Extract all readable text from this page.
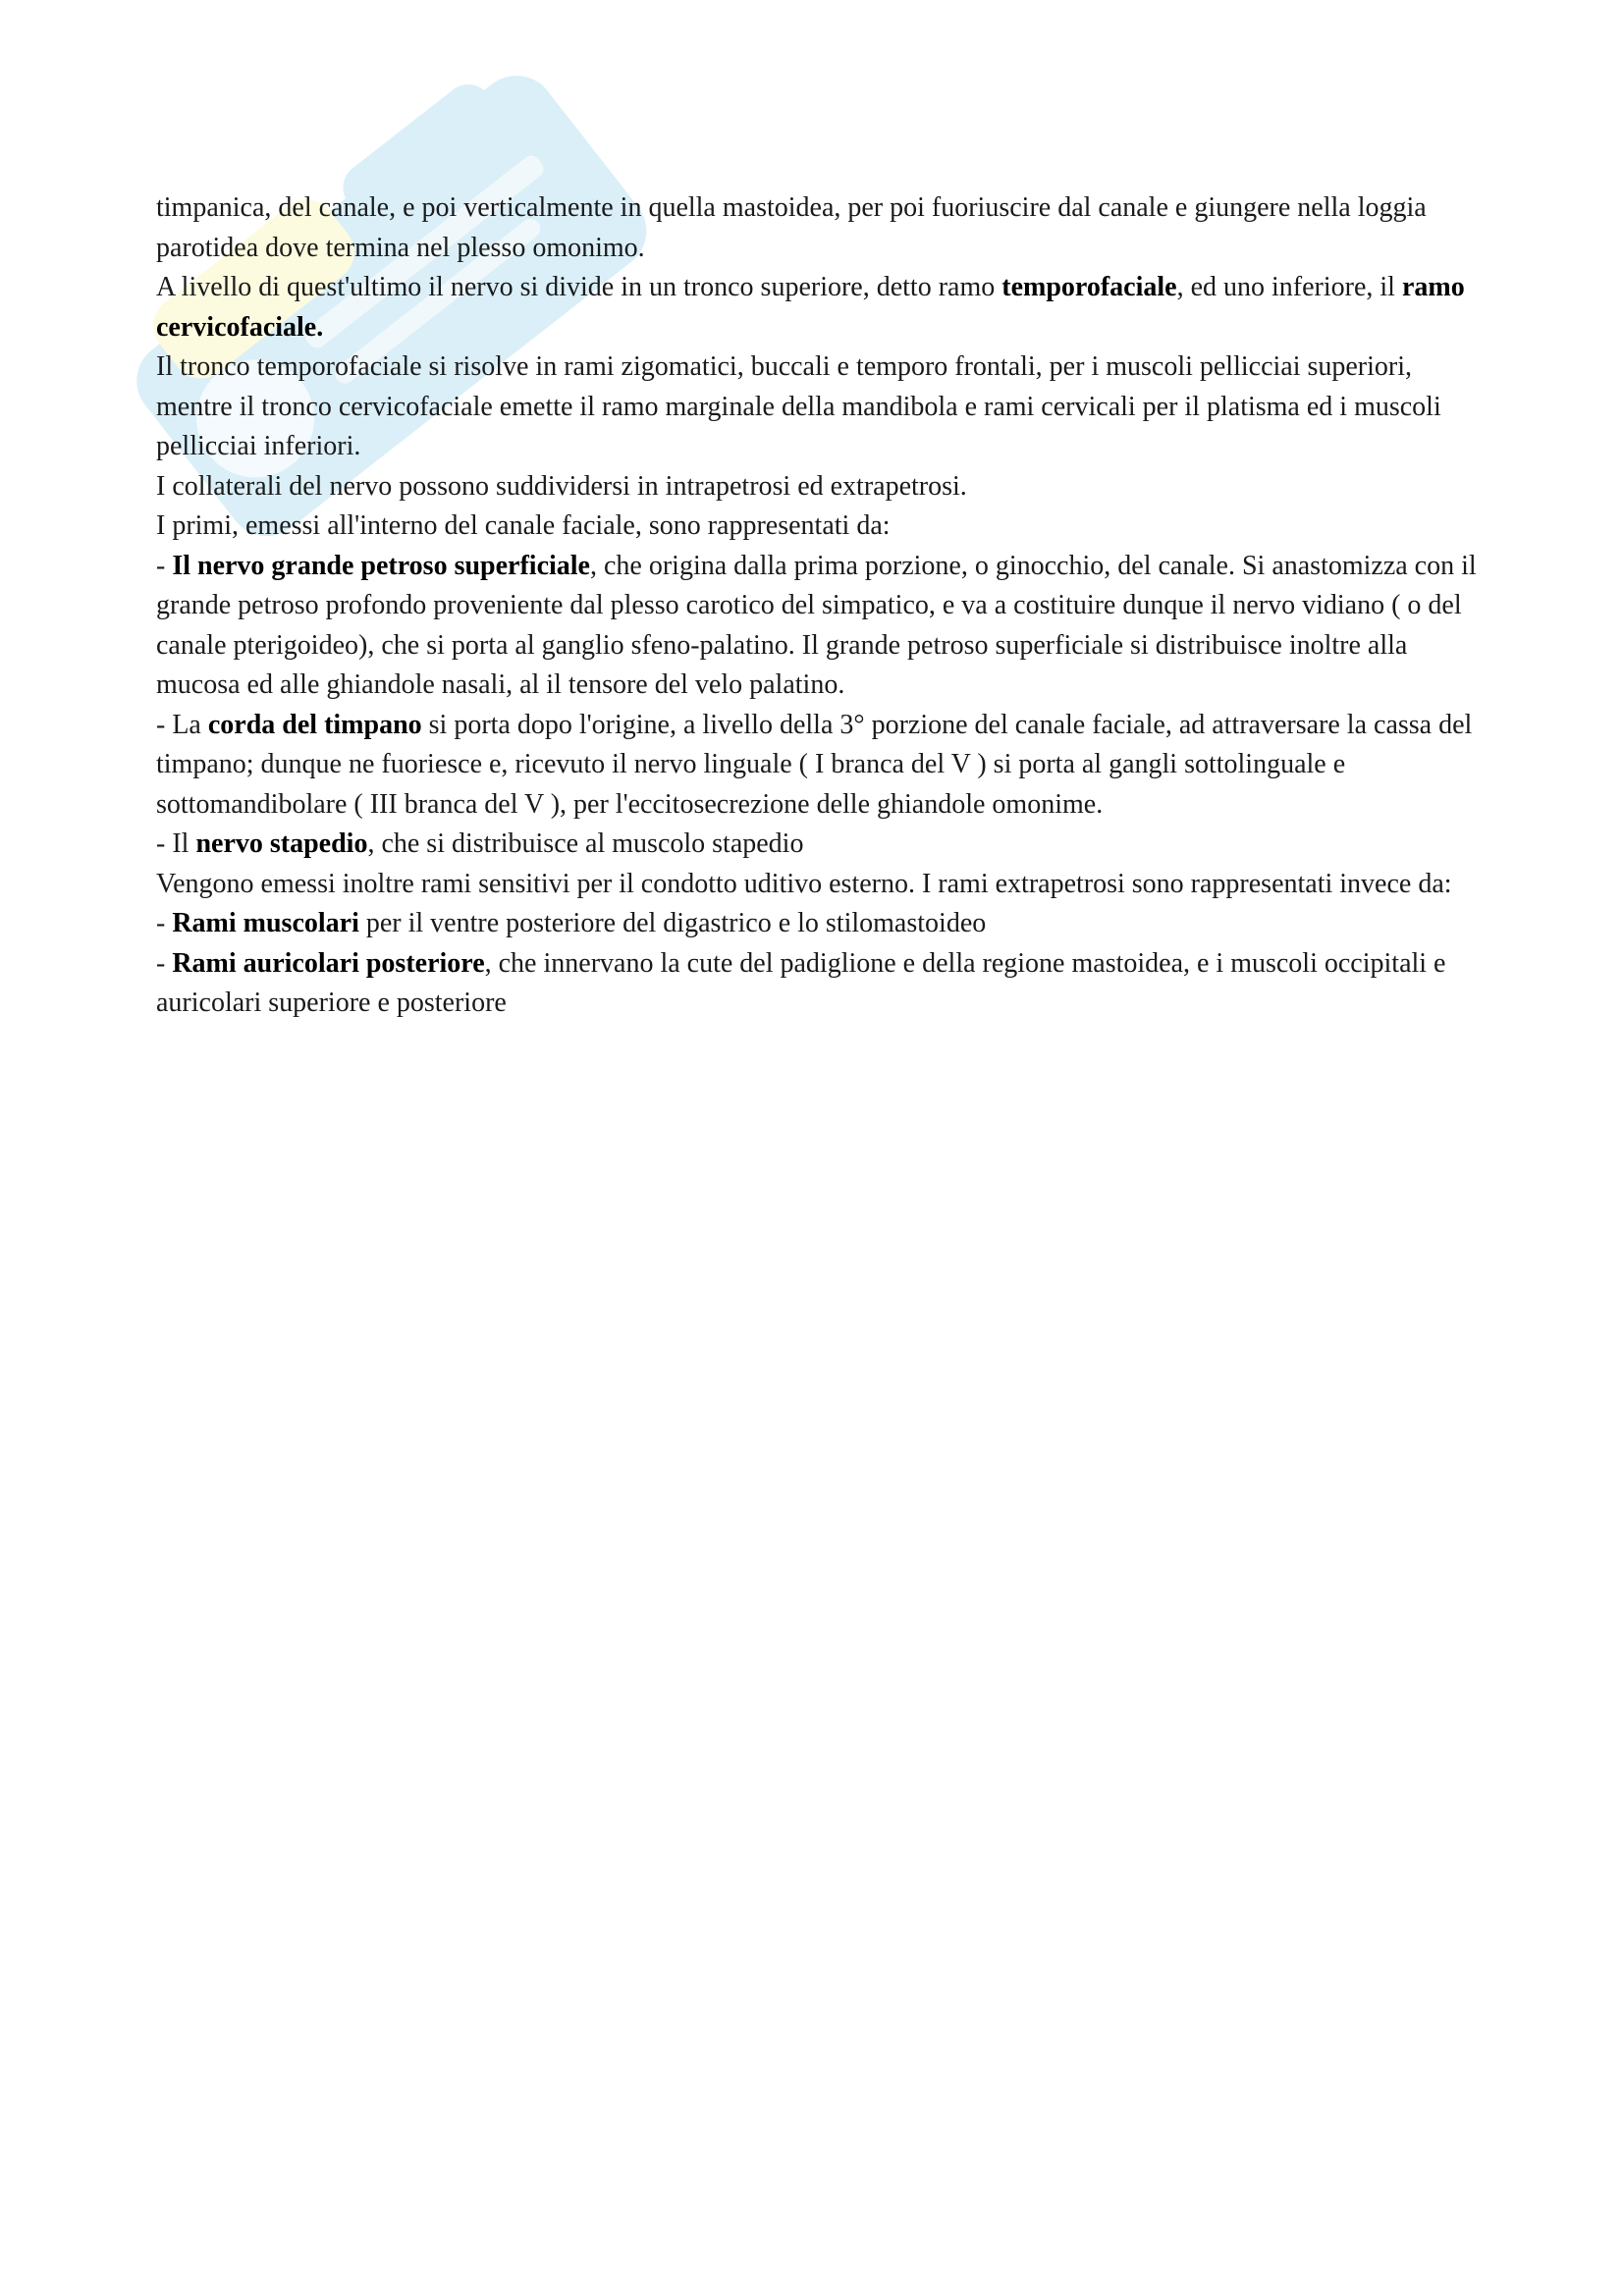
timpanica, del canale, e poi verticalmente in quella mastoidea, per poi fuoriuscire dal canale e giungere nella loggia parotidea dove termina nel plesso omonimo.

A livello di quest'ultimo il nervo si divide in un tronco superiore, detto ramo temporofaciale, ed uno inferiore, il ramo cervicofaciale.

Il tronco temporofaciale si risolve in rami zigomatici, buccali e temporo frontali, per i muscoli pellicciai superiori, mentre il tronco cervicofaciale emette il ramo marginale della mandibola e rami cervicali per il platisma ed i muscoli pellicciai inferiori.

I collaterali del nervo possono suddividersi in intrapetrosi ed extrapetrosi.

I primi, emessi all'interno del canale faciale, sono rappresentati da:

- Il nervo grande petroso superficiale, che origina dalla prima porzione, o ginocchio, del canale. Si anastomizza con il grande petroso profondo proveniente dal plesso carotico del simpatico, e va a costituire dunque il nervo vidiano ( o del canale pterigoideo), che si porta al ganglio sfeno-palatino. Il grande petroso superficiale si distribuisce inoltre alla mucosa ed alle ghiandole nasali, al il tensore del velo palatino.

- La corda del timpano si porta dopo l'origine, a livello della 3° porzione del canale faciale, ad attraversare la cassa del timpano; dunque ne fuoriesce e, ricevuto il nervo linguale ( I branca del V ) si porta al gangli sottolinguale e sottomandibolare ( III branca del V ), per l'eccitosecrezione delle ghiandole omonime.

- Il nervo stapedio, che si distribuisce al muscolo stapedio

Vengono emessi inoltre rami sensitivi per il condotto uditivo esterno. I rami extrapetrosi sono rappresentati invece da:

- Rami muscolari per il ventre posteriore del digastrico e lo stilomastoideo

- Rami auricolari posteriore, che innervano la cute del padiglione e della regione mastoidea, e i muscoli occipitali e auricolari superiore e posteriore
